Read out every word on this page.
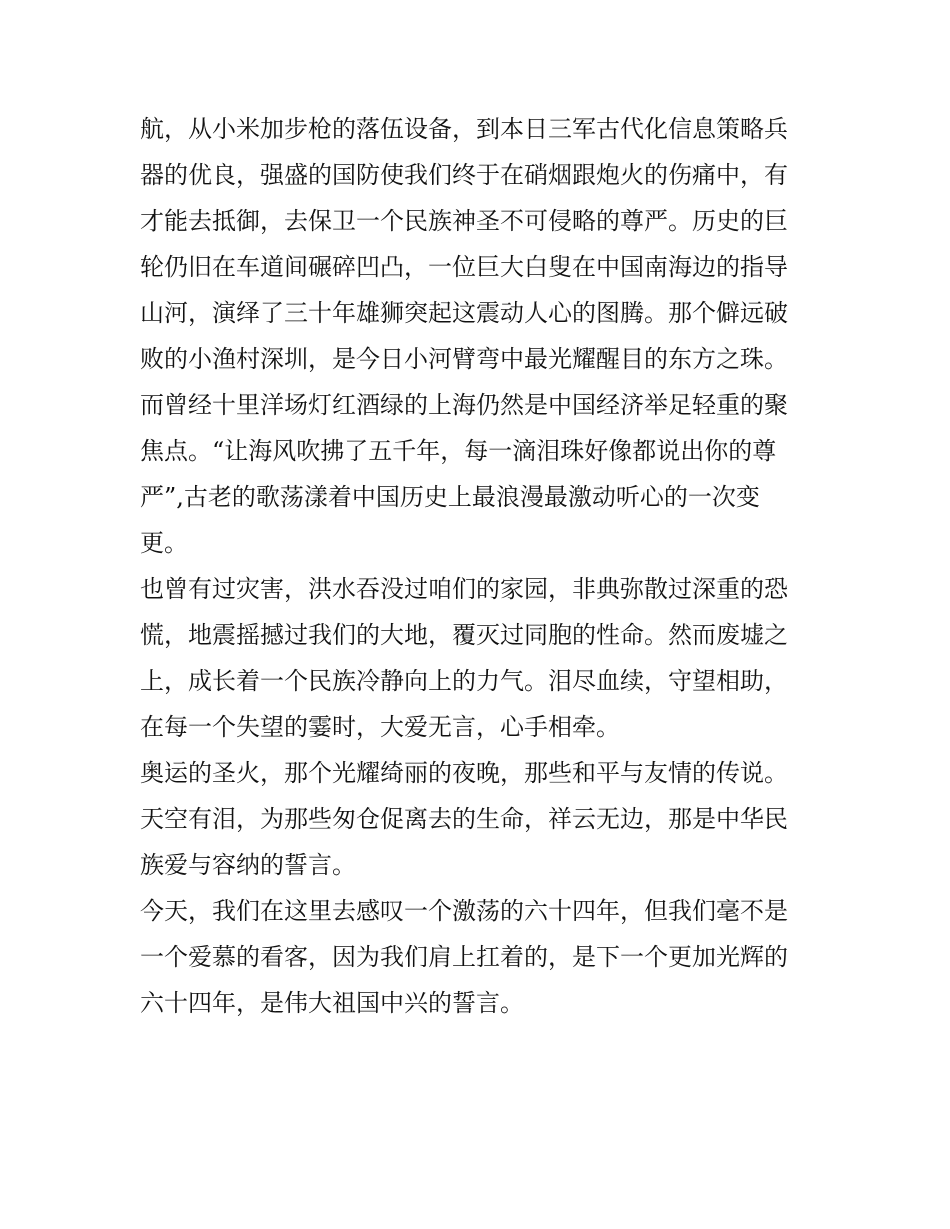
航，从小米加步枪的落伍设备，到本日三军古代化信息策略兵
器的优良，强盛的国防使我们终于在硝烟跟炮火的伤痛中，有
才能去抵御，去保卫一个民族神圣不可侵略的尊严。历史的巨
轮仍旧在车道间碾碎凹凸，一位巨大白叟在中国南海边的指导
山河，演绎了三十年雄狮突起这震动人心的图腾。那个僻远破
败的小渔村深圳，是今日小河臂弯中最光耀醒目的东方之珠。
而曾经十里洋场灯红酒绿的上海仍然是中国经济举足轻重的聚
焦点。“让海风吹拂了五千年，每一滴泪珠好像都说出你的尊
严”,古老的歌荡漾着中国历史上最浪漫最激动听心的一次变
更。
也曾有过灾害，洪水吞没过咱们的家园，非典弥散过深重的恐
慌，地震摇撼过我们的大地，覆灭过同胞的性命。然而废墟之
上，成长着一个民族冷静向上的力气。泪尽血续，守望相助，
在每一个失望的霎时，大爱无言，心手相牵。
奥运的圣火，那个光耀绮丽的夜晚，那些和平与友情的传说。
天空有泪，为那些匆仓促离去的生命，祥云无边，那是中华民
族爱与容纳的誓言。
今天，我们在这里去感叹一个激荡的六十四年，但我们毫不是
一个爱慕的看客，因为我们肩上扛着的，是下一个更加光辉的
六十四年，是伟大祖国中兴的誓言。
